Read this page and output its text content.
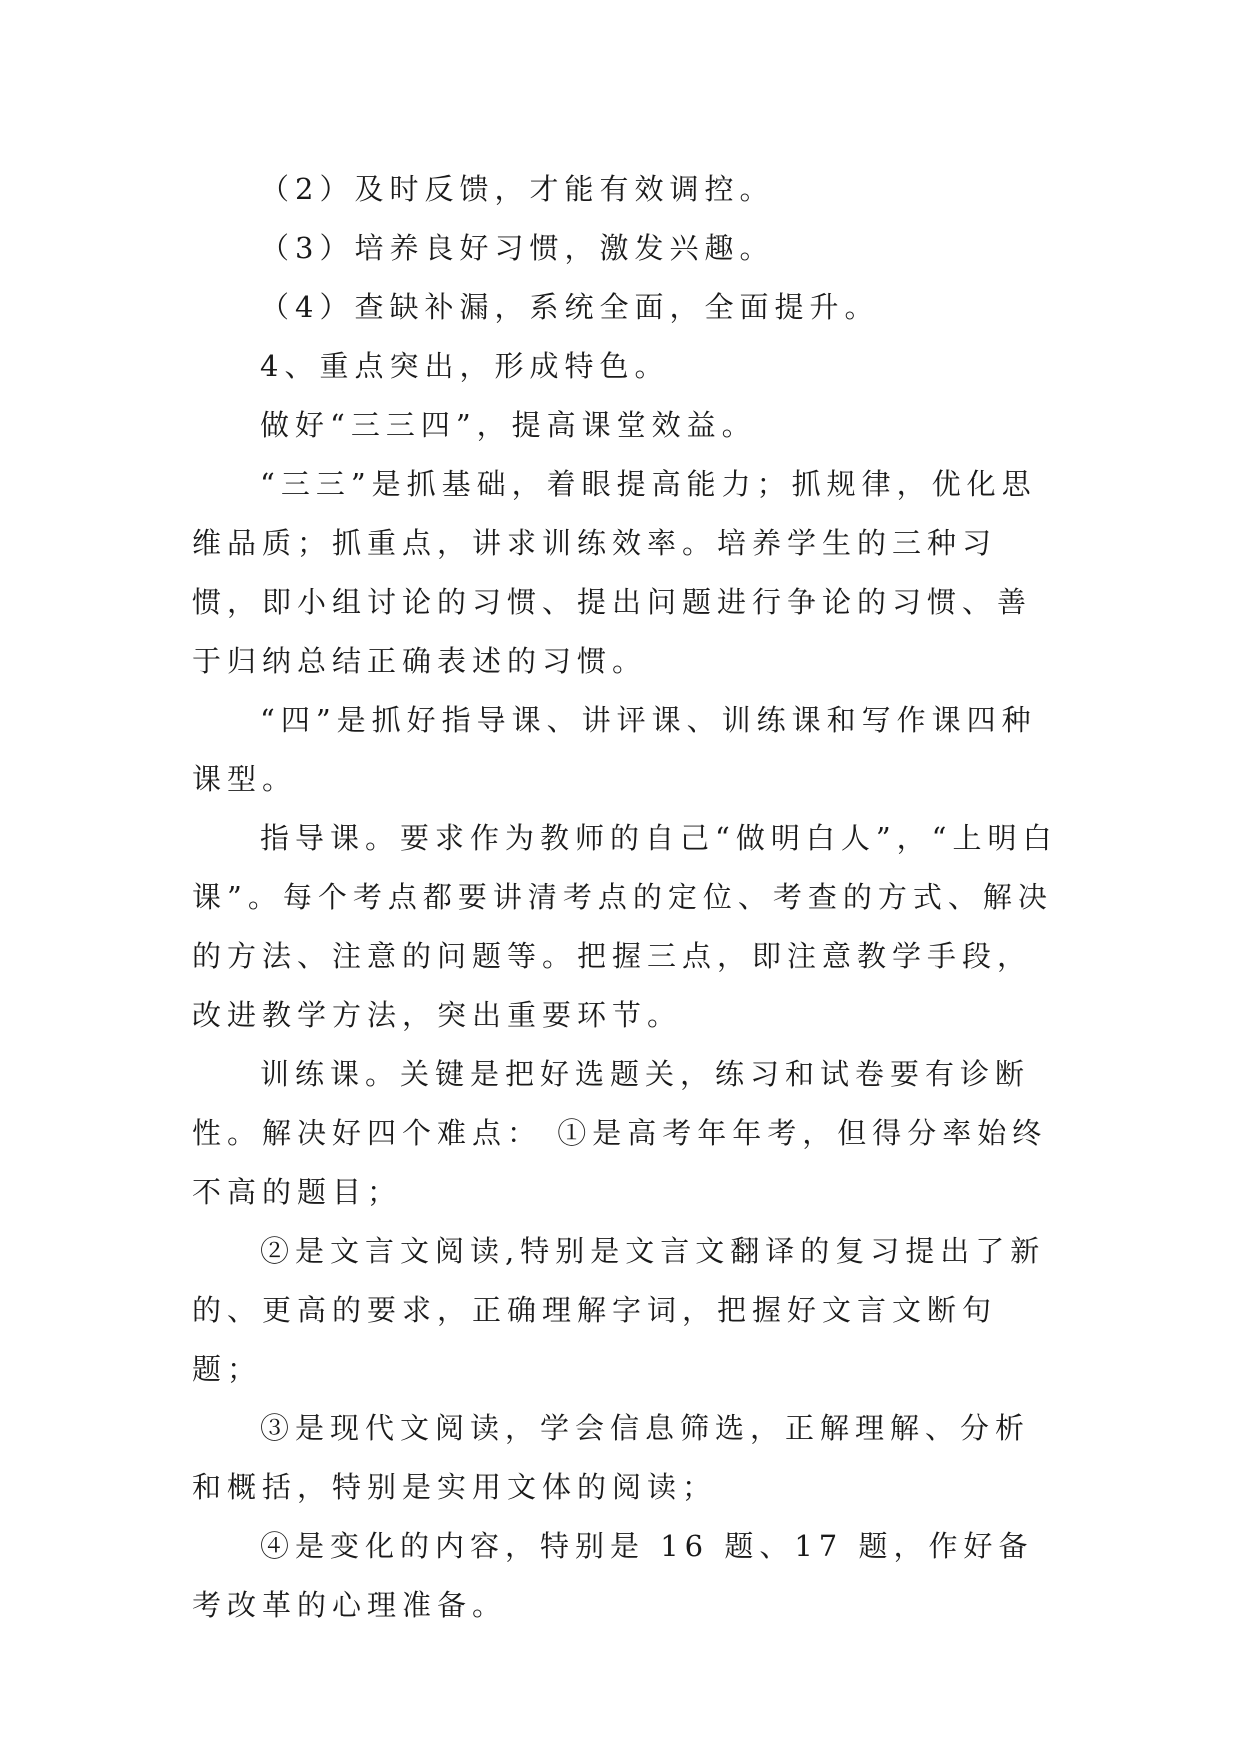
（2）及时反馈，才能有效调控。

（3）培养良好习惯，激发兴趣。

（4）查缺补漏，系统全面，全面提升。

4、重点突出，形成特色。

做好“三三四”，提高课堂效益。

“三三”是抓基础，着眼提高能力；抓规律，优化思维品质；抓重点，讲求训练效率。培养学生的三种习惯，即小组讨论的习惯、提出问题进行争论的习惯、善于归纳总结正确表述的习惯。

“四”是抓好指导课、讲评课、训练课和写作课四种课型。

指导课。要求作为教师的自己“做明白人”，“上明白课”。每个考点都要讲清考点的定位、考查的方式、解决的方法、注意的问题等。把握三点，即注意教学手段，改进教学方法，突出重要环节。

训练课。关键是把好选题关，练习和试卷要有诊断性。解决好四个难点： ①是高考年年考，但得分率始终不高的题目；

②是文言文阅读,特别是文言文翻译的复习提出了新的、更高的要求，正确理解字词，把握好文言文断句题；

③是现代文阅读，学会信息筛选，正解理解、分析和概括，特别是实用文体的阅读；

④是变化的内容，特别是 16 题、17 题，作好备考改革的心理准备。
